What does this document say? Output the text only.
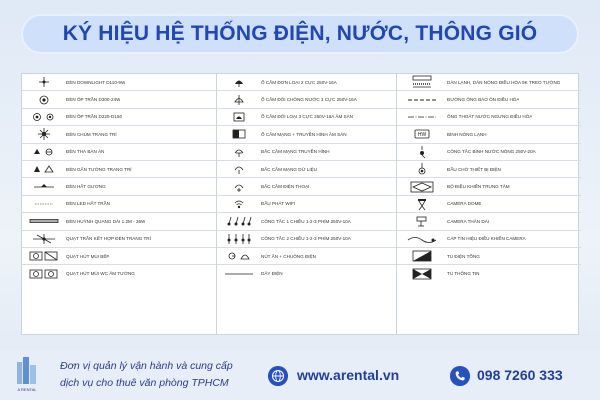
KÝ HIỆU HỆ THỐNG ĐIỆN, NƯỚC, THÔNG GIÓ
ĐÈN DOWNLIGHT D110-9W
ĐÈN ỐP TRẦN D300-24W
ĐÈN ỐP TRẦN D220-D150
ĐÈN CHÙM TRANG TRÍ
ĐÈN THẢ BÀN ĂN
ĐÈN GẮN TƯỜNG TRANG TRÍ
ĐÈN HẮT GƯƠNG
ĐÈN LED HẮT TRẦN
ĐÈN HUỲNH QUANG DÀI 1.2M - 36W
QUẠT TRẦN KẾT HỢP ĐÈN TRANG TRÍ
QUẠT HÚT MÙI BẾP
QUẠT HÚT MÙI WC ÂM TƯỜNG
Ổ CẮM ĐƠN LOẠI 2 CỰC 250V-16A
Ổ CẮM ĐÔI CHỐNG NƯỚC 3 CỰC 250V-16A
Ổ CẮM ĐÔI LOẠI 3 CỰC 250V-16A ÂM SÀN
Ổ CẮM MẠNG + TRUYỀN HÌNH ÂM SÀN
BẮC CẮM MẠNG TRUYỀN HÌNH
BẮC CẮM MẠNG DỮ LIỆU
BẮC CẮM ĐIỆN THOẠI
ĐẦU PHÁT WIFI
CÔNG TẮC 1 CHIỀU 1-2-3 PHÍM 250V-10A
CÔNG TẮC 2 CHIỀU 1-2-3 PHÍM 250V-10A
NÚT ẤN + CHUÔNG ĐIỆN
DÂY ĐIỆN
DÀN LẠNH, DÀN NÓNG ĐIỀU HÒA 9K TREO TƯỜNG
ĐƯỜNG ỐNG BẢO ÔN ĐIỀU HÒA
ỐNG THOÁT NƯỚC NGƯNG ĐIỀU HÒA
HW	BÌNH NÓNG LẠNH
CÔNG TẮC BÌNH NƯỚC NÓNG 250V-20A
ĐẦU CHỜ THIẾT BỊ ĐIỆN
BỘ ĐIỀU KHIỂN TRUNG TÂM
CAMERA DOME
CAMERA THÂN DÀI
CÁP TÍN HIỆU ĐIỀU KHIỂN CAMERA
TỦ ĐIỆN TỔNG
TỦ THÔNG TIN
A RENTAL
Đơn vị quản lý vận hành và cung cấp
dịch vụ cho thuê văn phòng TPHCM	www.arental.vn	098 7260 333
